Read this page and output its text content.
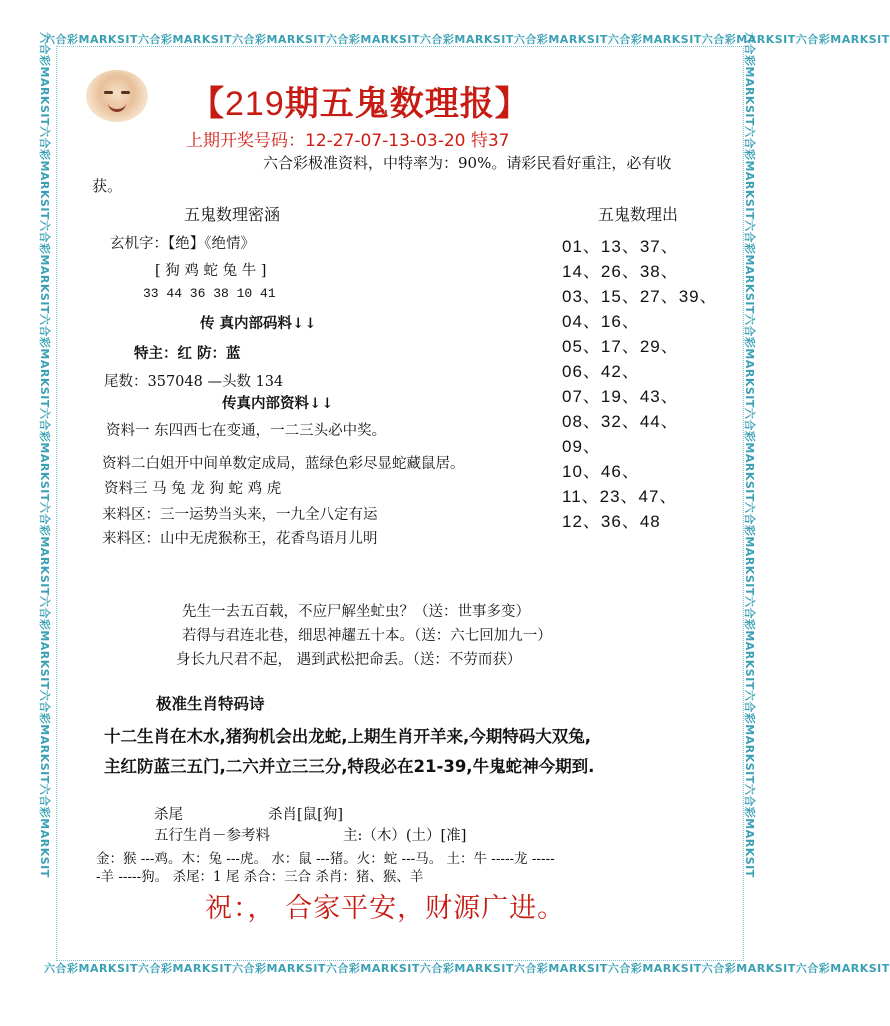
六合彩MARKSIT六合彩MARKSIT六合彩MARKSIT六合彩MARKSIT六合彩MARKSIT六合彩MARKSIT六合彩MARKSIT六合彩MARKSIT六合彩MARKSIT
六合彩MARKSIT六合彩MARKSIT六合彩MARKSIT六合彩MARKSIT六合彩MARKSIT六合彩MARKSIT六合彩MARKSIT六合彩MARKSIT六合彩MARKSIT
六合彩MARKSIT六合彩MARKSIT六合彩MARKSIT六合彩MARKSIT六合彩MARKSIT六合彩MARKSIT六合彩MARKSIT六合彩MARKSIT六合彩MARKSIT	六合彩MARKSIT六合彩MARKSIT六合彩MARKSIT六合彩MARKSIT六合彩MARKSIT六合彩MARKSIT六合彩MARKSIT六合彩MARKSIT六合彩MARKSIT
【219期五鬼数理报】
上期开奖号码：12-27-07-13-03-20 特37
六合彩极准资料，中特率为：90%。请彩民看好重注，必有收
获。
五鬼数理密涵	五鬼数理出
玄机字：【绝】《绝情》
[ 狗 鸡 蛇 兔 牛 ]
33 44 36 38 10 41
传 真内部码料↓↓
特主：红 防：蓝
尾数：357048 —头数 134
传真内部资料↓↓
资料一 东四西七在变通，一二三头必中奖。
资料二白姐开中间单数定成局，蓝绿色彩尽显蛇藏鼠居。
资料三 马 兔 龙 狗 蛇 鸡 虎
来料区：三一运势当头来，一九全八定有运
来料区：山中无虎猴称王，花香鸟语月儿明
01、13、37、
14、26、38、
03、15、27、39、
04、16、
05、17、29、
06、42、
07、19、43、
08、32、44、
09、
10、46、
11、23、47、
12、36、48
先生一去五百载，不应尸解坐虻虫？（送：世事多变）
若得与君连北巷，细思神趯五十本。（送：六七回加九一）
身长九尺君不起， 遇到武松把命丢。（送：不劳而获）
极准生肖特码诗
十二生肖在木水,猪狗机会出龙蛇,上期生肖开羊来,今期特码大双兔,
主红防蓝三五门,二六并立三三分,特段必在21-39,牛鬼蛇神今期到.
杀尾	杀肖[鼠[狗]
五行生肖－参考料	主:（木）(土）[准]
金：猴 ---鸡。木：兔 ---虎。 水：鼠 ---猪。火：蛇 ---马。 土：牛 -----龙 -----
-羊 -----狗。 杀尾：1 尾 杀合：三合 杀肖：猪、猴、羊
祝：， 合家平安，财源广进。
